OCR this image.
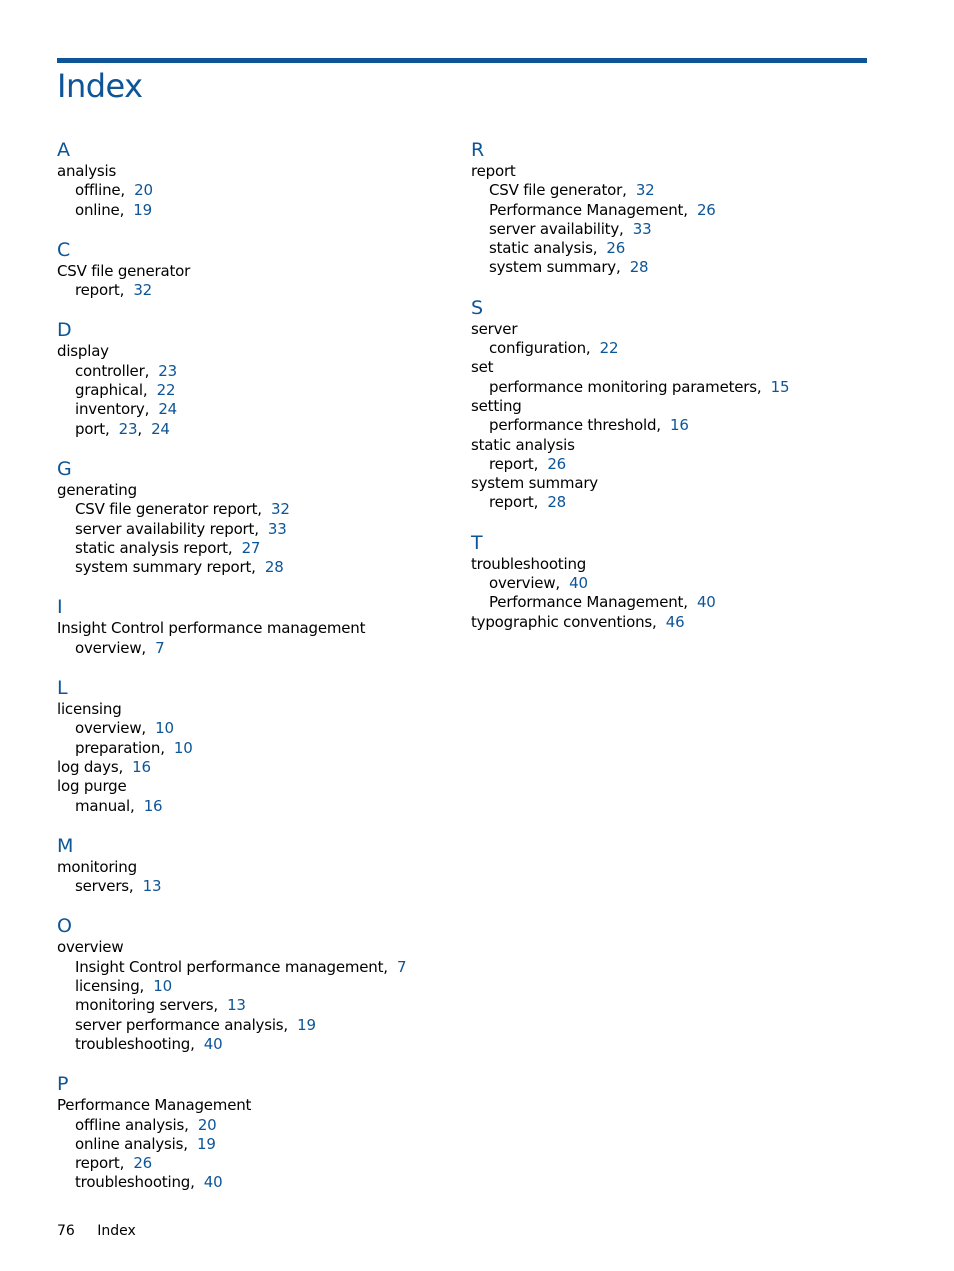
Index
A
analysis
offline,  20
online,  19
C
CSV file generator
report,  32
D
display
controller,  23
graphical,  22
inventory,  24
port,  23,  24
G
generating
CSV file generator report,  32
server availability report,  33
static analysis report,  27
system summary report,  28
I
Insight Control performance management
overview,  7
L
licensing
overview,  10
preparation,  10
log days,  16
log purge
manual,  16
M
monitoring
servers,  13
O
overview
Insight Control performance management,  7
licensing,  10
monitoring servers,  13
server performance analysis,  19
troubleshooting,  40
P
Performance Management
offline analysis,  20
online analysis,  19
report,  26
troubleshooting,  40
R
report
CSV file generator,  32
Performance Management,  26
server availability,  33
static analysis,  26
system summary,  28
S
server
configuration,  22
set
performance monitoring parameters,  15
setting
performance threshold,  16
static analysis
report,  26
system summary
report,  28
T
troubleshooting
overview,  40
Performance Management,  40
typographic conventions,  46
76 Index
